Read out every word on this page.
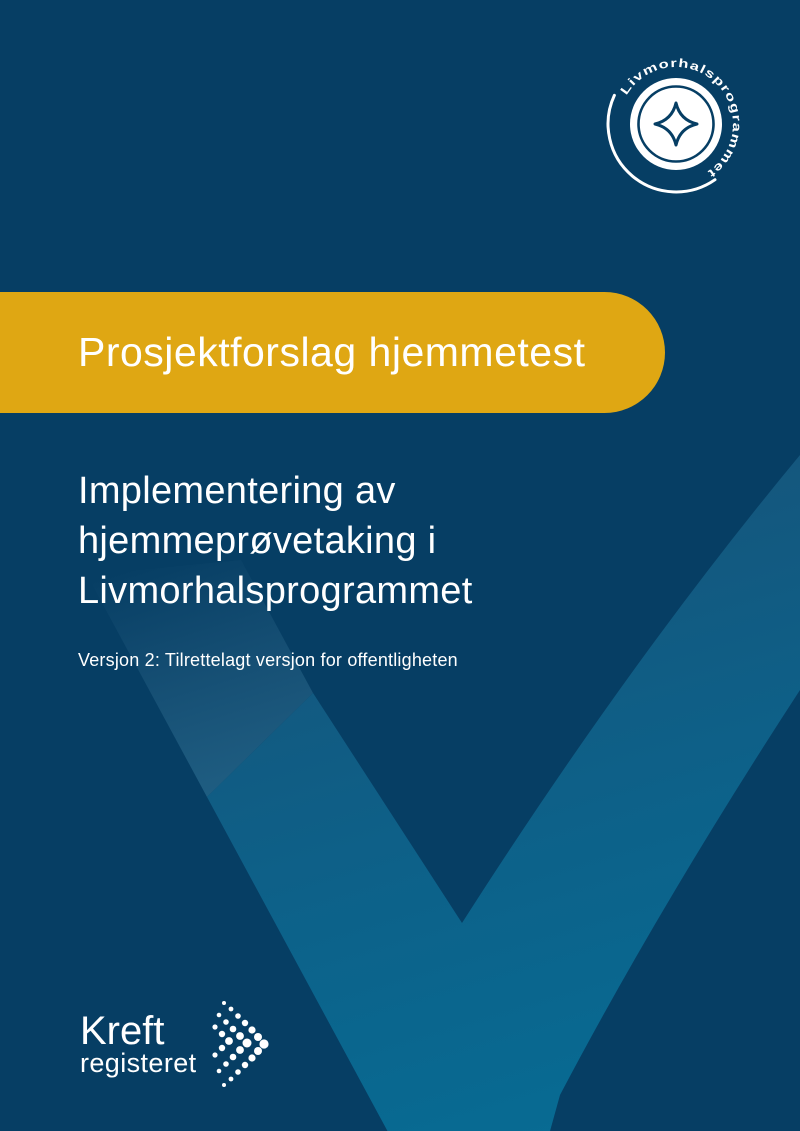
Livmorhalsprogrammet
Prosjektforslag hjemmetest
Implementering av
hjemmeprøvetaking i
Livmorhalsprogrammet
Versjon 2: Tilrettelagt versjon for offentligheten
Kreft
registeret
